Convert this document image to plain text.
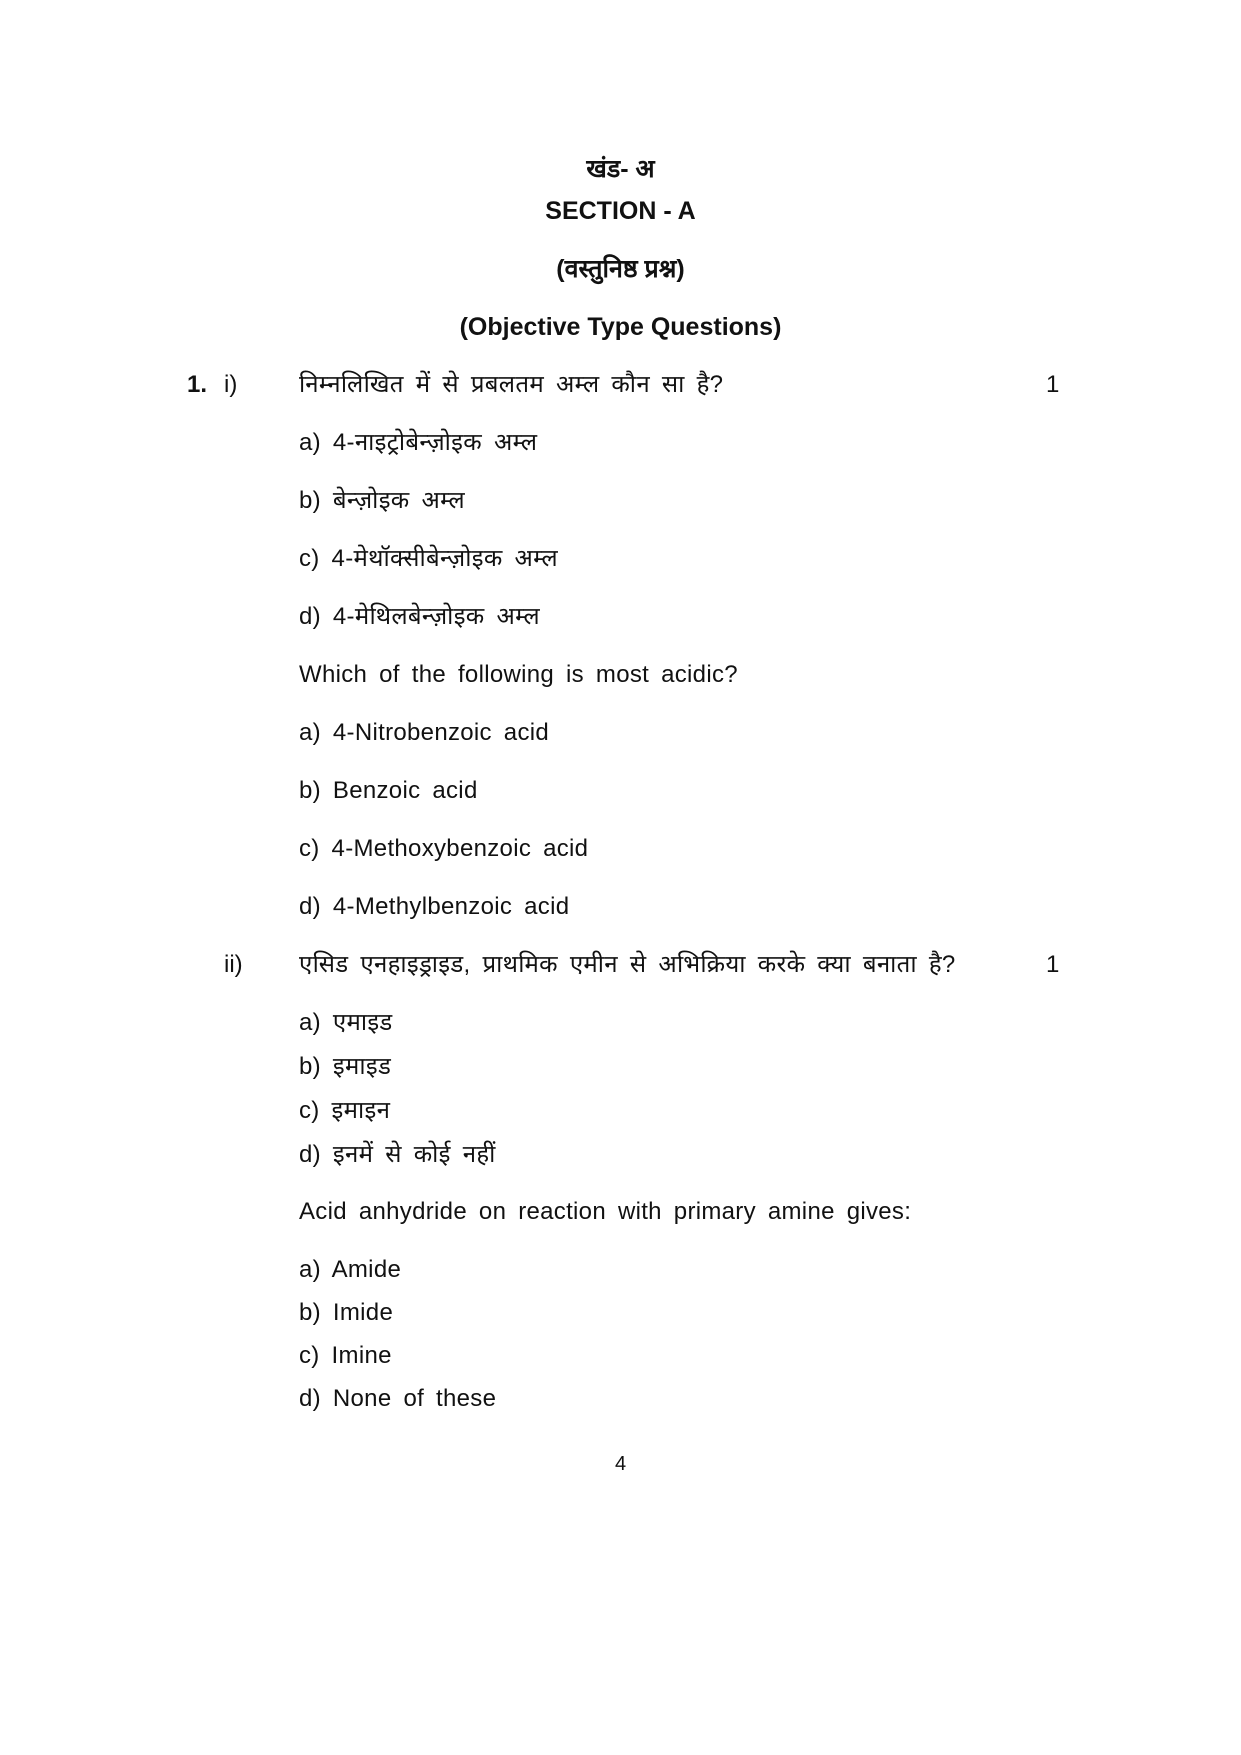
खंड- अ
SECTION - A
(वस्तुनिष्ठ प्रश्न)
(Objective Type Questions)
1. i)	निम्नलिखित में से प्रबलतम अम्ल कौन सा है?	1
a) 4-नाइट्रोबेन्ज़ोइक अम्ल
b) बेन्ज़ोइक अम्ल
c) 4-मेथॉक्सीबेन्ज़ोइक अम्ल
d) 4-मेथिलबेन्ज़ोइक अम्ल
Which of the following is most acidic?
a) 4-Nitrobenzoic acid
b) Benzoic acid
c) 4-Methoxybenzoic acid
d) 4-Methylbenzoic acid
ii) एसिड एनहाइड्राइड, प्राथमिक एमीन से अभिक्रिया करके क्या बनाता है?	1
a) एमाइड
b) इमाइड
c) इमाइन
d) इनमें से कोई नहीं
Acid anhydride on reaction with primary amine gives:
a) Amide
b) Imide
c) Imine
d) None of these
4
